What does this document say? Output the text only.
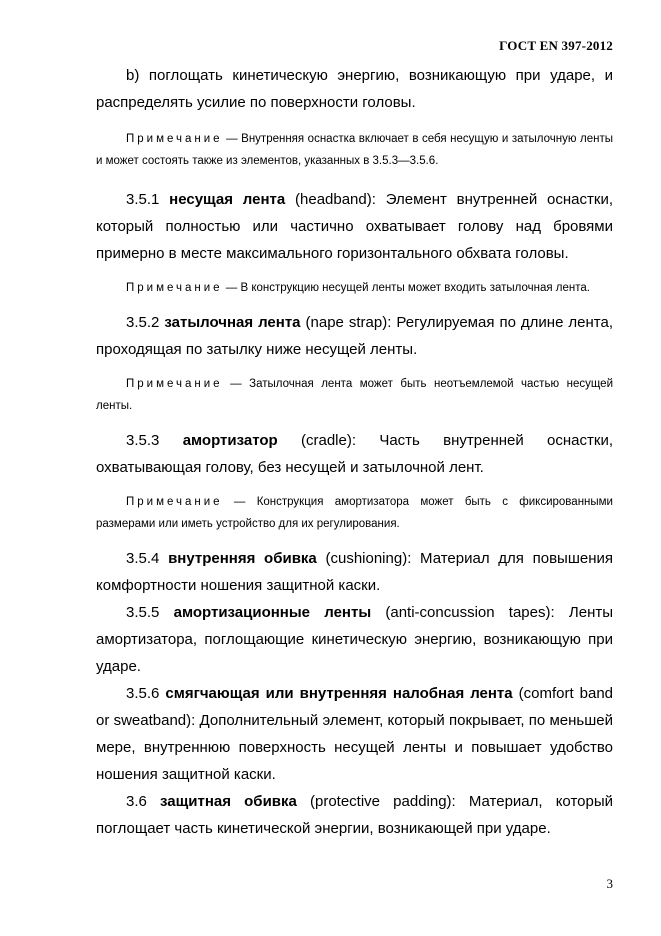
ГОСТ EN 397-2012

b) поглощать кинетическую энергию, возникающую при ударе, и распределять усилие по поверхности головы.

Примечание — Внутренняя оснастка включает в себя несущую и затылочную ленты и может состоять также из элементов, указанных в 3.5.3—3.5.6.

3.5.1 несущая лента (headband): Элемент внутренней оснастки, который полностью или частично охватывает голову над бровями примерно в месте максимального горизонтального обхвата головы.

Примечание — В конструкцию несущей ленты может входить затылочная лента.

3.5.2 затылочная лента (nape strap): Регулируемая по длине лента, проходящая по затылку ниже несущей ленты.

Примечание — Затылочная лента может быть неотъемлемой частью несущей ленты.

3.5.3 амортизатор (cradle): Часть внутренней оснастки, охватывающая голову, без несущей и затылочной лент.

Примечание — Конструкция амортизатора может быть с фиксированными размерами или иметь устройство для их регулирования.

3.5.4 внутренняя обивка (cushioning): Материал для повышения комфортности ношения защитной каски.

3.5.5 амортизационные ленты (anti-concussion tapes): Ленты амортизатора, поглощающие кинетическую энергию, возникающую при ударе.

3.5.6 смягчающая или внутренняя налобная лента (comfort band or sweatband): Дополнительный элемент, который покрывает, по меньшей мере, внутреннюю поверхность несущей ленты и повышает удобство ношения защитной каски.

3.6 защитная обивка (protective padding): Материал, который поглощает часть кинетической энергии, возникающей при ударе.

3
